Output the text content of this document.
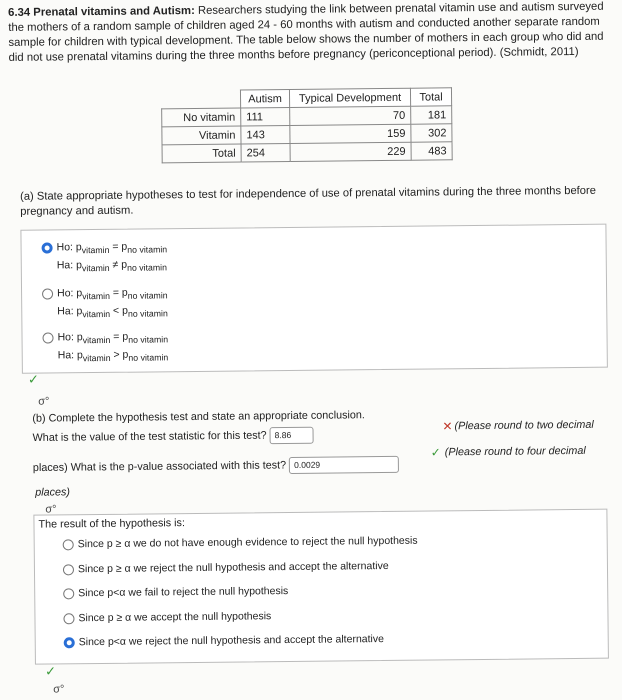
6.34 Prenatal vitamins and Autism: Researchers studying the link between prenatal vitamin use and autism surveyed the mothers of a random sample of children aged 24 - 60 months with autism and conducted another separate random sample for children with typical development. The table below shows the number of mothers in each group who did and did not use prenatal vitamins during the three months before pregnancy (periconceptional period). (Schmidt, 2011)
	Autism	Typical Development	Total
No vitamin	111	70	181
Vitamin	143	159	302
Total	254	229	483
(a) State appropriate hypotheses to test for independence of use of prenatal vitamins during the three months before pregnancy and autism.
Ho: $p_{vitamin} = p_{no vitamin}$
Ha: $p_{vitamin} \ne p_{no vitamin}$
Ho: $p_{vitamin} = p_{no vitamin}$
Ha: $p_{vitamin} < p_{no vitamin}$
Ho: $p_{vitamin} = p_{no vitamin}$
Ha: $p_{vitamin} > p_{no vitamin}$
✓
σ°
(b) Complete the hypothesis test and state an appropriate conclusion.
What is the value of the test statistic for this test? 8.86
✕ (Please round to two decimal
places) What is the p-value associated with this test? 0.0029
✓ (Please round to four decimal
places)
σ°
The result of the hypothesis is:
Since p ≥ α we do not have enough evidence to reject the null hypothesis
Since p ≥ α we reject the null hypothesis and accept the alternative
Since p<α we fail to reject the null hypothesis
Since p ≥ α we accept the null hypothesis
Since p<α we reject the null hypothesis and accept the alternative
✓
σ°
